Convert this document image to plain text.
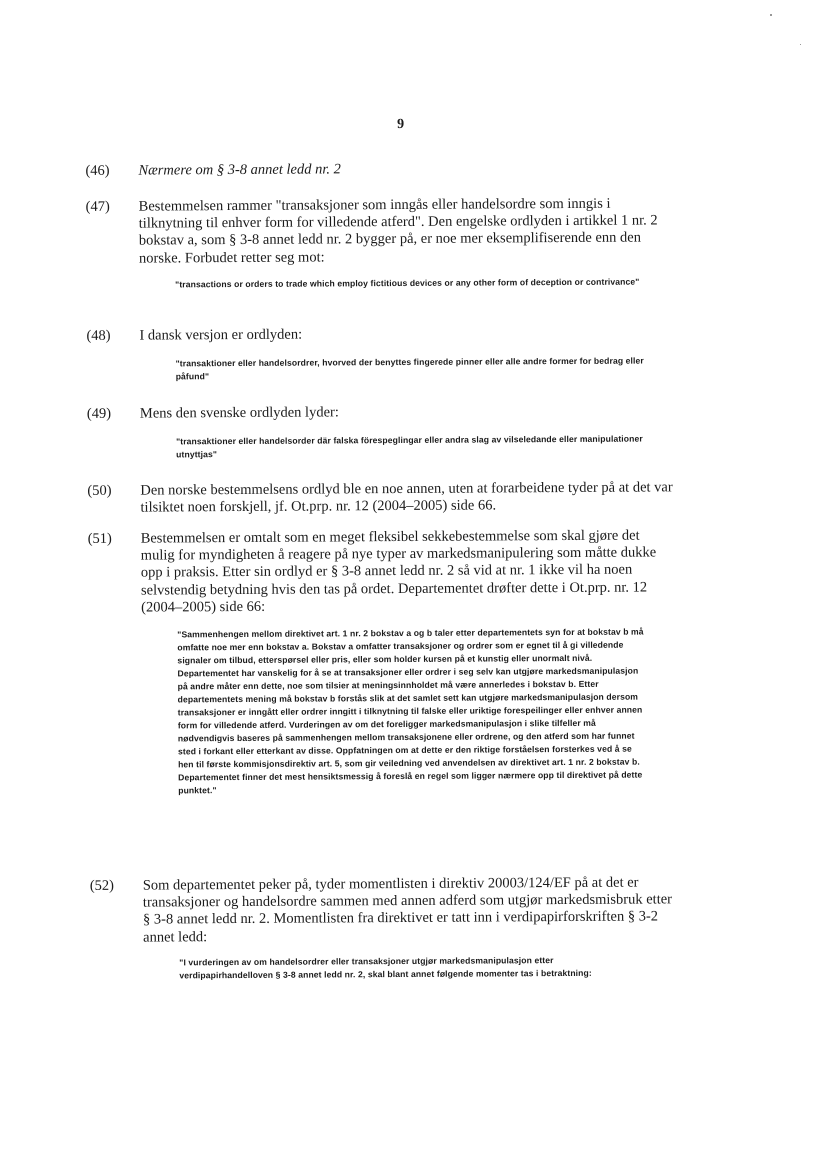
9
(46) Nærmere om § 3-8 annet ledd nr. 2
(47) Bestemmelsen rammer "transaksjoner som inngås eller handelsordre som inngis i tilknytning til enhver form for villedende atferd". Den engelske ordlyden i artikkel 1 nr. 2 bokstav a, som § 3-8 annet ledd nr. 2 bygger på, er noe mer eksemplifiserende enn den norske. Forbudet retter seg mot:
"transactions or orders to trade which employ fictitious devices or any other form of deception or contrivance"
(48) I dansk versjon er ordlyden:
"transaktioner eller handelsordrer, hvorved der benyttes fingerede pinner eller alle andre former for bedrag eller påfund"
(49) Mens den svenske ordlyden lyder:
"transaktioner eller handelsorder där falska förespeglingar eller andra slag av vilseledande eller manipulationer utnyttjas"
(50) Den norske bestemmelsens ordlyd ble en noe annen, uten at forarbeidene tyder på at det var tilsiktet noen forskjell, jf. Ot.prp. nr. 12 (2004–2005) side 66.
(51) Bestemmelsen er omtalt som en meget fleksibel sekkebestemmelse som skal gjøre det mulig for myndigheten å reagere på nye typer av markedsmanipulering som måtte dukke opp i praksis. Etter sin ordlyd er § 3-8 annet ledd nr. 2 så vid at nr. 1 ikke vil ha noen selvstendig betydning hvis den tas på ordet. Departementet drøfter dette i Ot.prp. nr. 12 (2004–2005) side 66:
"Sammenhengen mellom direktivet art. 1 nr. 2 bokstav a og b taler etter departementets syn for at bokstav b må omfatte noe mer enn bokstav a. Bokstav a omfatter transaksjoner og ordrer som er egnet til å gi villedende signaler om tilbud, etterspørsel eller pris, eller som holder kursen på et kunstig eller unormalt nivå. Departementet har vanskelig for å se at transaksjoner eller ordrer i seg selv kan utgjøre markedsmanipulasjon på andre måter enn dette, noe som tilsier at meningsinnholdet må være annerledes i bokstav b. Etter departementets mening må bokstav b forstås slik at det samlet sett kan utgjøre markedsmanipulasjon dersom transaksjoner er inngått eller ordrer inngitt i tilknytning til falske eller uriktige forespeilinger eller enhver annen form for villedende atferd. Vurderingen av om det foreligger markedsmanipulasjon i slike tilfeller må nødvendigvis baseres på sammenhengen mellom transaksjonene eller ordrene, og den atferd som har funnet sted i forkant eller etterkant av disse. Oppfatningen om at dette er den riktige forståelsen forsterkes ved å se hen til første kommisjonsdirektiv art. 5, som gir veiledning ved anvendelsen av direktivet art. 1 nr. 2 bokstav b. Departementet finner det mest hensiktsmessig å foreslå en regel som ligger nærmere opp til direktivet på dette punktet."
(52) Som departementet peker på, tyder momentlisten i direktiv 20003/124/EF på at det er transaksjoner og handelsordre sammen med annen adferd som utgjør markedsmisbruk etter § 3-8 annet ledd nr. 2. Momentlisten fra direktivet er tatt inn i verdipapirforskriften § 3-2 annet ledd:
"I vurderingen av om handelsordrer eller transaksjoner utgjør markedsmanipulasjon etter verdipapirhandelloven § 3-8 annet ledd nr. 2, skal blant annet følgende momenter tas i betraktning:
